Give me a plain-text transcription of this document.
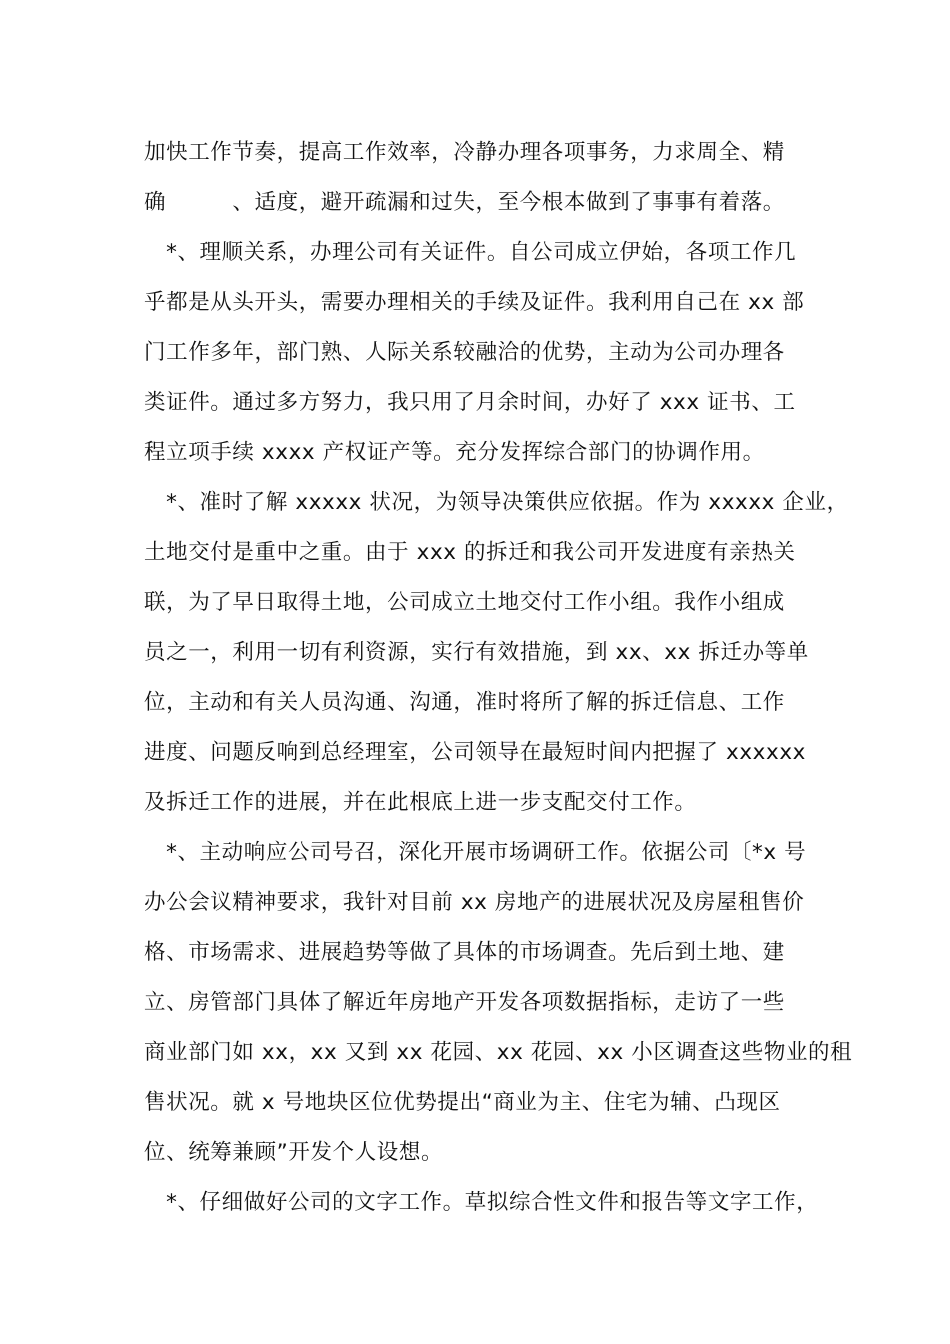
加快工作节奏，提高工作效率，冷静办理各项事务，力求周全、精
确　　　、适度，避开疏漏和过失，至今根本做到了事事有着落。
　*、理顺关系，办理公司有关证件。自公司成立伊始，各项工作几
乎都是从头开头，需要办理相关的手续及证件。我利用自己在 xx 部
门工作多年，部门熟、人际关系较融洽的优势，主动为公司办理各
类证件。通过多方努力，我只用了月余时间，办好了 xxx 证书、工
程立项手续 xxxx 产权证产等。充分发挥综合部门的协调作用。
　*、准时了解 xxxxx 状况，为领导决策供应依据。作为 xxxxx 企业，
土地交付是重中之重。由于 xxx 的拆迁和我公司开发进度有亲热关
联，为了早日取得土地，公司成立土地交付工作小组。我作小组成
员之一，利用一切有利资源，实行有效措施，到 xx、xx 拆迁办等单
位，主动和有关人员沟通、沟通，准时将所了解的拆迁信息、工作
进度、问题反响到总经理室，公司领导在最短时间内把握了 xxxxxx
及拆迁工作的进展，并在此根底上进一步支配交付工作。
　*、主动响应公司号召，深化开展市场调研工作。依据公司〔*x 号
办公会议精神要求，我针对目前 xx 房地产的进展状况及房屋租售价
格、市场需求、进展趋势等做了具体的市场调查。先后到土地、建
立、房管部门具体了解近年房地产开发各项数据指标，走访了一些
商业部门如 xx，xx 又到 xx 花园、xx 花园、xx 小区调查这些物业的租
售状况。就 x 号地块区位优势提出“商业为主、住宅为辅、凸现区
位、统筹兼顾”开发个人设想。
　*、仔细做好公司的文字工作。草拟综合性文件和报告等文字工作，
